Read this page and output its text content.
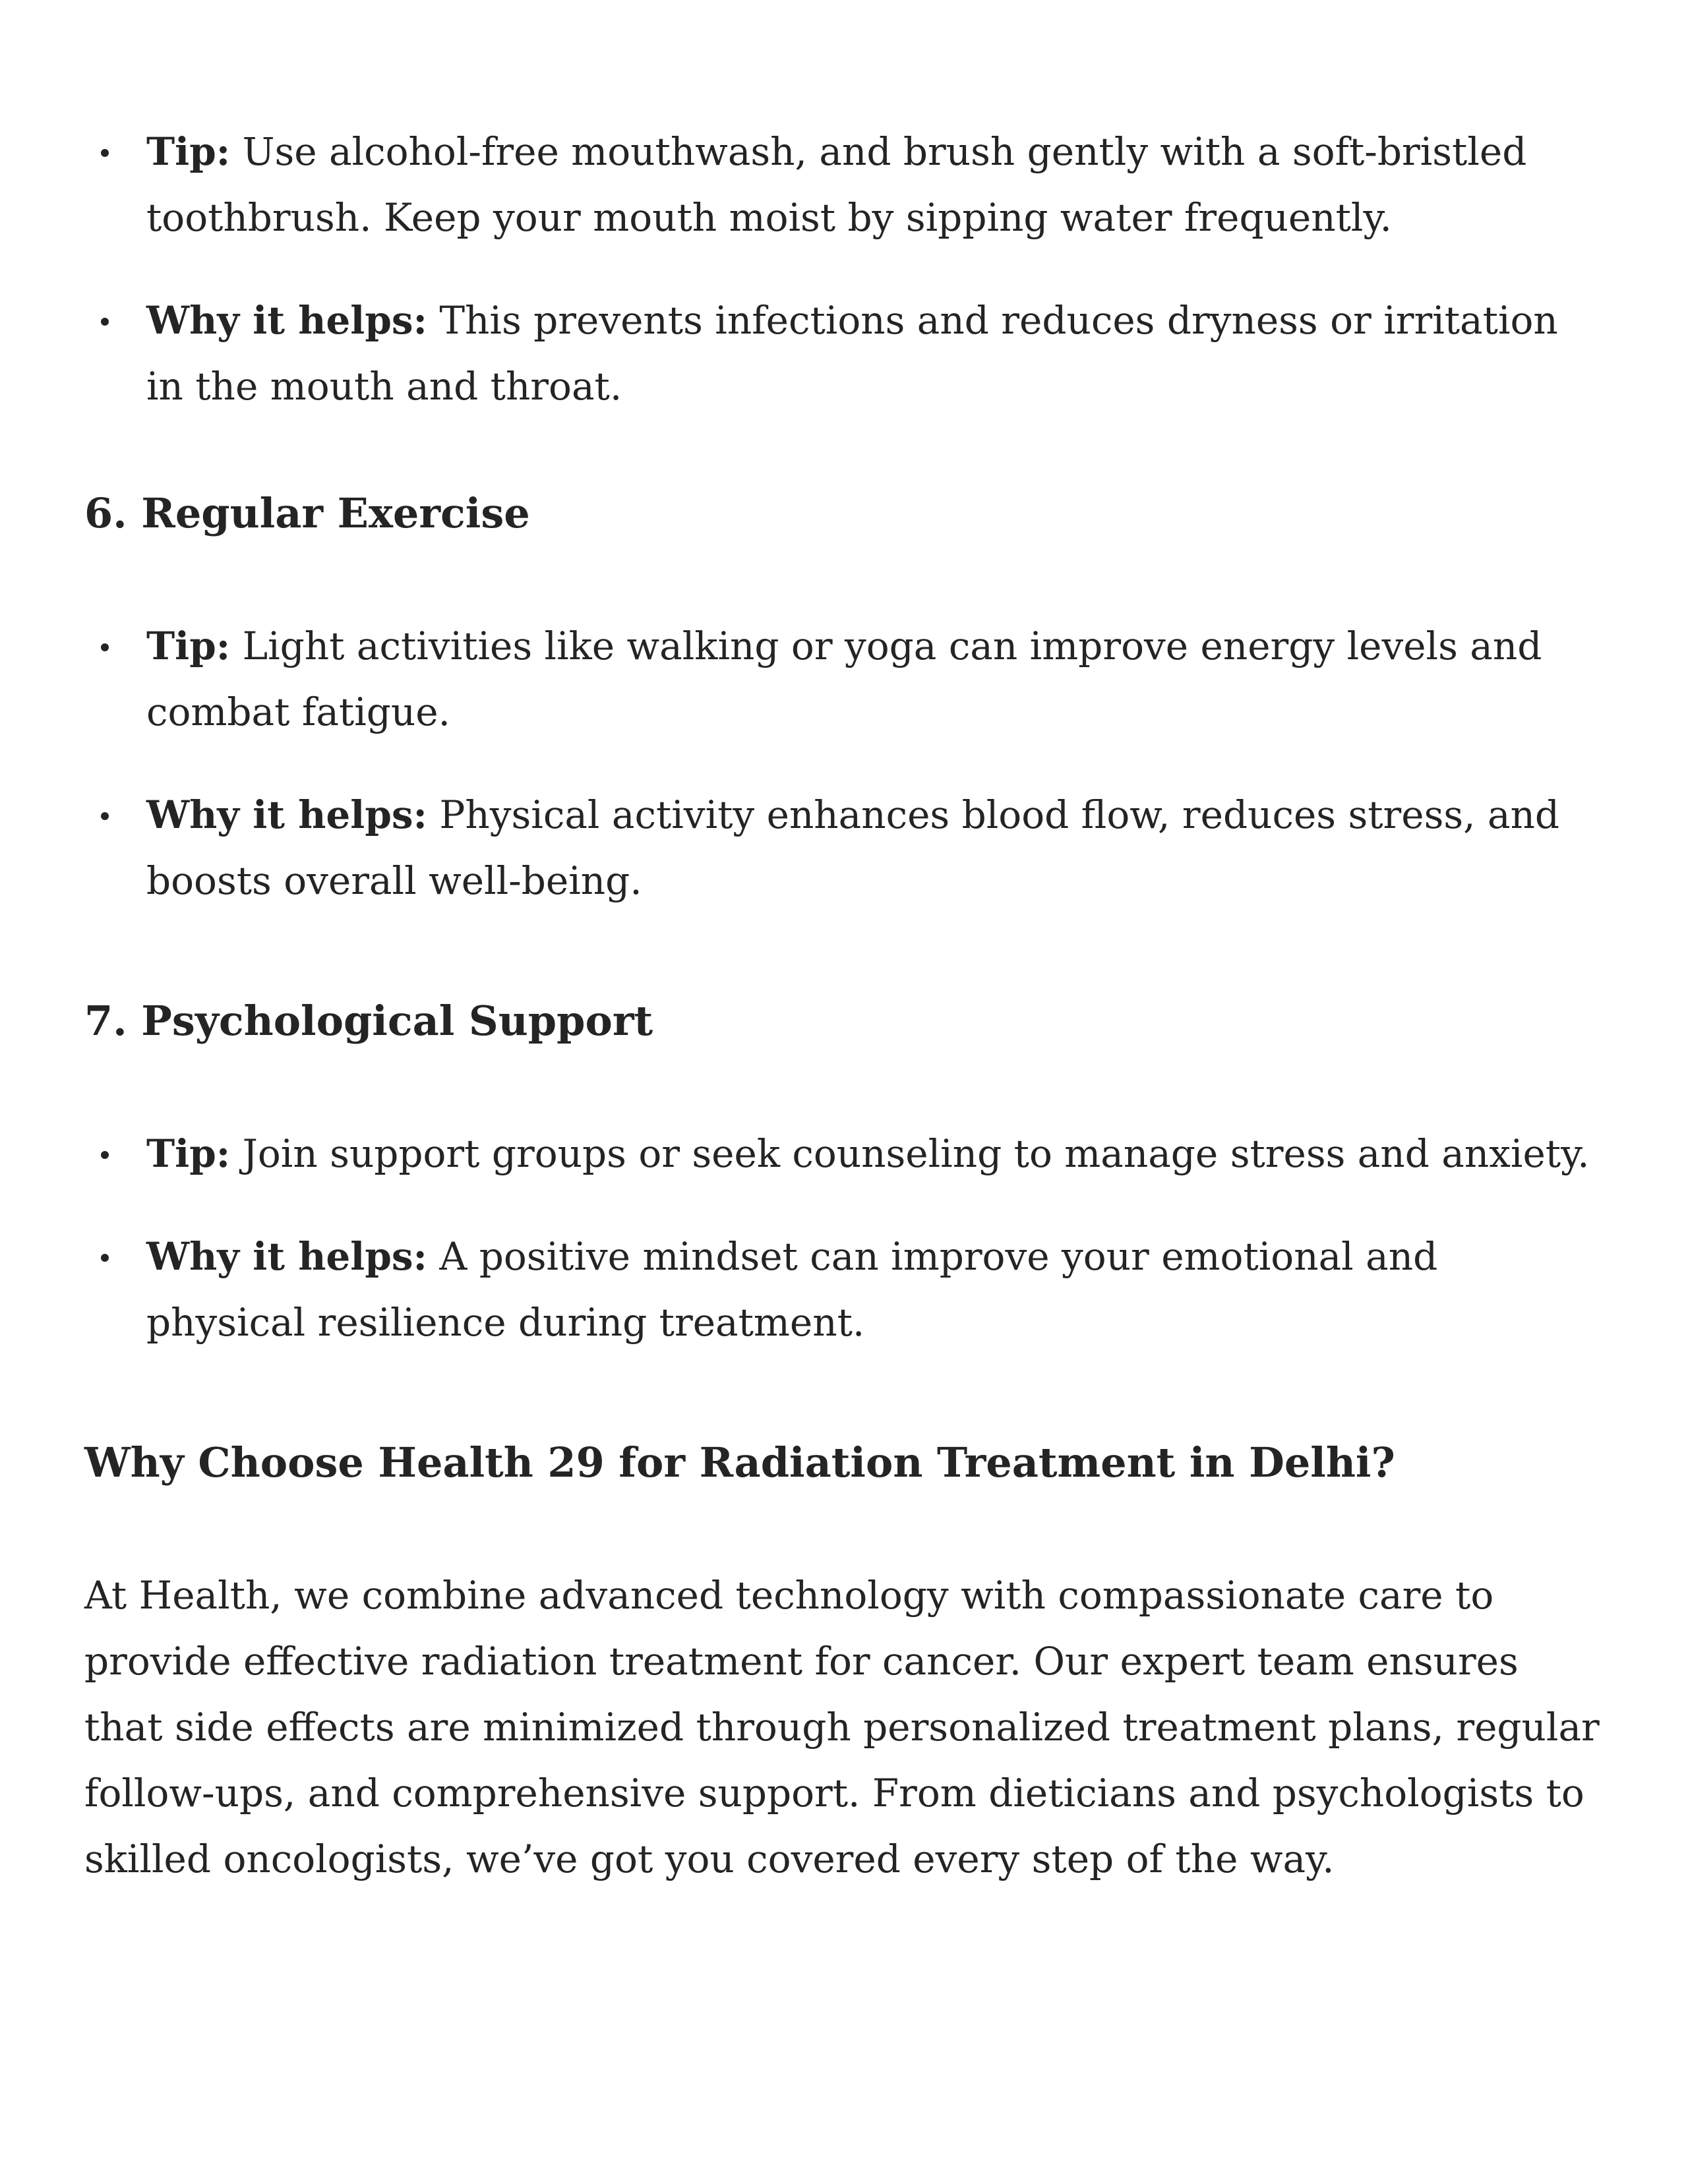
Tip: Use alcohol-free mouthwash, and brush gently with a soft-bristled toothbrush. Keep your mouth moist by sipping water frequently.
Why it helps: This prevents infections and reduces dryness or irritation in the mouth and throat.
6. Regular Exercise
Tip: Light activities like walking or yoga can improve energy levels and combat fatigue.
Why it helps: Physical activity enhances blood flow, reduces stress, and boosts overall well-being.
7. Psychological Support
Tip: Join support groups or seek counseling to manage stress and anxiety.
Why it helps: A positive mindset can improve your emotional and physical resilience during treatment.
Why Choose Health 29 for Radiation Treatment in Delhi?

At Health, we combine advanced technology with compassionate care to provide effective radiation treatment for cancer. Our expert team ensures that side effects are minimized through personalized treatment plans, regular follow-ups, and comprehensive support. From dieticians and psychologists to skilled oncologists, we’ve got you covered every step of the way.
